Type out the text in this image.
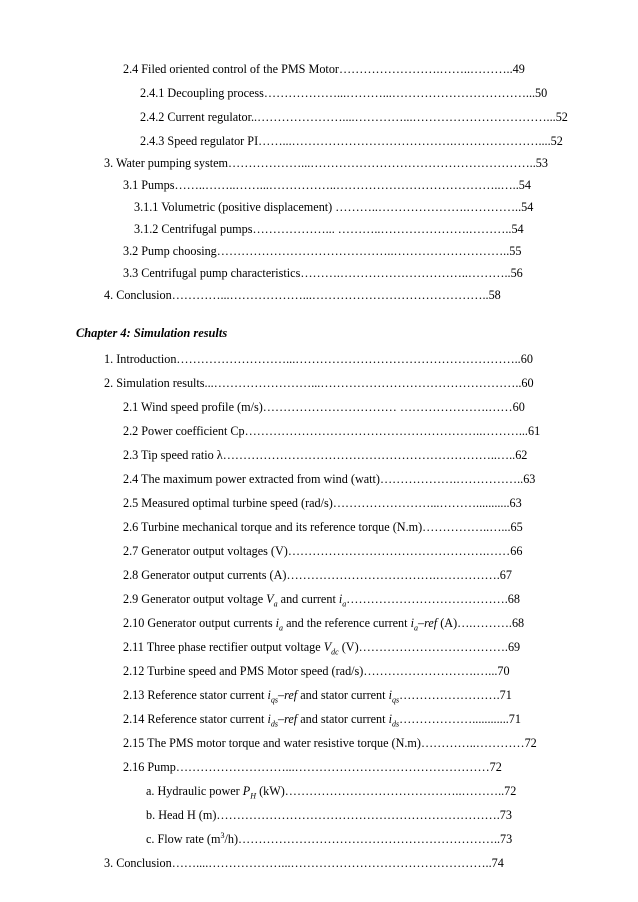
2.4 Filed oriented control of the PMS Motor…………………….……..………..49
2.4.1 Decoupling process………………...………...……………………………...50
2.4.2 Current regulator..…………………....…………...……………………………...52
2.4.3 Speed regulator PI……...………………………………….…………………....52
3. Water pumping system………………...………………………………………………..53
3.1 Pumps……..……..……...……………..…………………………………..…..54
3.1.1 Volumetric (positive displacement) ………..………………….…………..54
3.1.2 Centrifugal pumps………………... ………..………………….………..54
3.2 Pump choosing……………………………………..………………………..55
3.3 Centrifugal pump characteristics……….…………………………..………..56
4. Conclusion…………...………………...……………………………………..58
Chapter 4: Simulation results
1. Introduction………………………...………………………………………………..60
2. Simulation results...……………………...…………………………………………..60
2.1 Wind speed profile (m/s)…………………………… ………………….……60
2.2 Power coefficient Cp…………………………………………………..………...61
2.3 Tip speed ratio λ…………………………………………………………..…..62
2.4 The maximum power extracted from wind (watt)……………….……………..63
2.5 Measured optimal turbine speed (rad/s)……………………...………...........63
2.6 Turbine mechanical torque and its reference torque (N.m)……………..…...65
2.7 Generator output voltages (V)………………………………………….……66
2.8 Generator output currents (A)……………………………….…………….67
2.9 Generator output voltage $V_a$ and current $i_a\dots\dots\dots\dots\dots\dots\dots\dots\dots\dots\dots\dots\dots.68$
2.10 Generator output currents $i_a$ and the reference current $i_a$–ref (A)….……….68
2.11 Three phase rectifier output voltage $V_{dc}$ (V)……………………………….69
2.12 Turbine speed and PMS Motor speed (rad/s)……………………….…...70
2.13 Reference stator current $i_{qs}$–ref and stator current $i_{qs}\dots\dots\dots\dots\dots\dots\dots\dots.71$
2.14 Reference stator current $i_{ds}$–ref and stator current $i_{ds}\dots\dots\dots\dots\dots\dots............71$
2.15 The PMS motor torque and water resistive torque (N.m)…………..…………72
2.16 Pump………………………...…………………………………………72
a. Hydraulic power $P_H$ (kW)……………………………………..………..72
b. Head H (m)…………………………………………………………….73
c. Flow rate $(m^3/h)\dots\dots\dots\dots\dots\dots\dots\dots\dots\dots\dots\dots\dots\dots\dots\dots\dots\dots\dots\dots\dots..73$
3. Conclusion……....………………...…………………………………………..74
